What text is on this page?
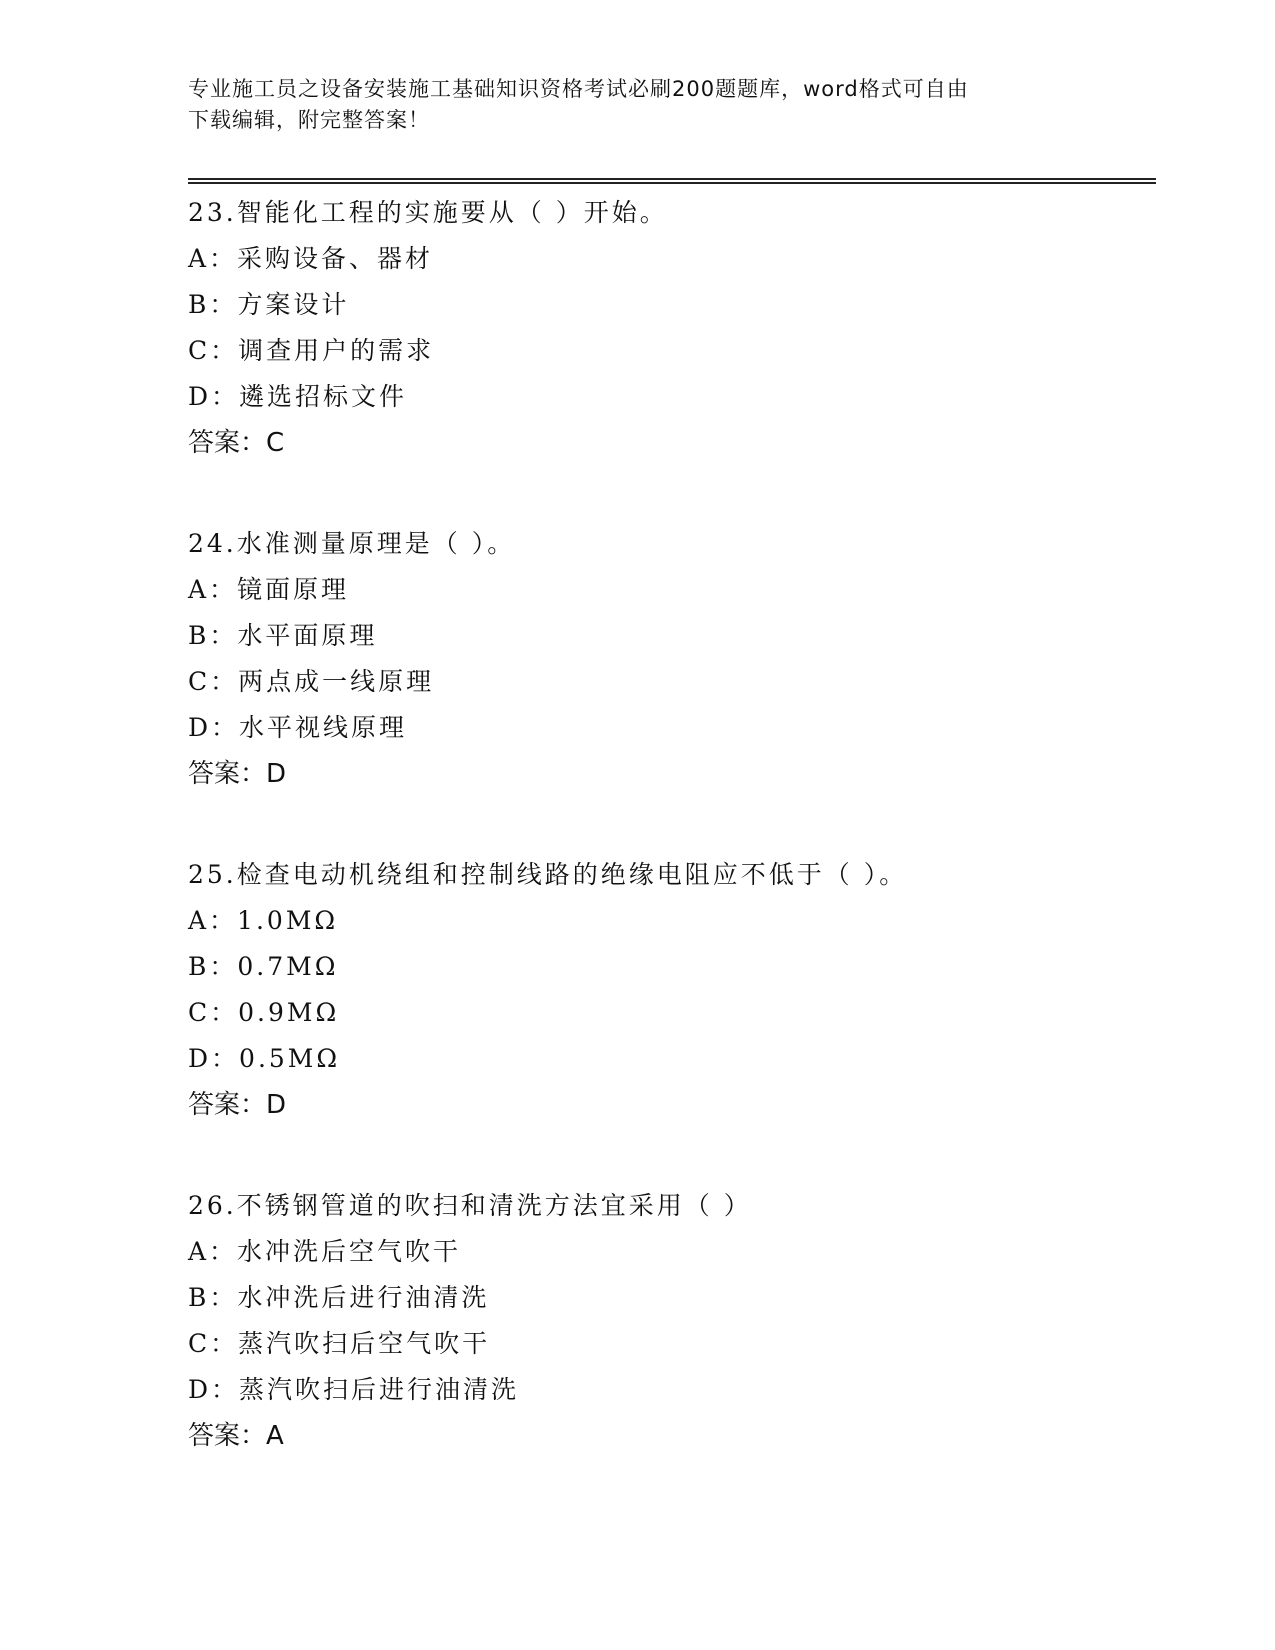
专业施工员之设备安装施工基础知识资格考试必刷200题题库，word格式可自由
下载编辑，附完整答案！
23.智能化工程的实施要从（ ）开始。
A：采购设备、器材
B：方案设计
C：调查用户的需求
D：遴选招标文件
答案：C
24.水准测量原理是（ ）。
A：镜面原理
B：水平面原理
C：两点成一线原理
D：水平视线原理
答案：D
25.检查电动机绕组和控制线路的绝缘电阻应不低于（ ）。
A：1.0MΩ
B：0.7MΩ
C：0.9MΩ
D：0.5MΩ
答案：D
26.不锈钢管道的吹扫和清洗方法宜采用（ ）
A：水冲洗后空气吹干
B：水冲洗后进行油清洗
C：蒸汽吹扫后空气吹干
D：蒸汽吹扫后进行油清洗
答案：A
